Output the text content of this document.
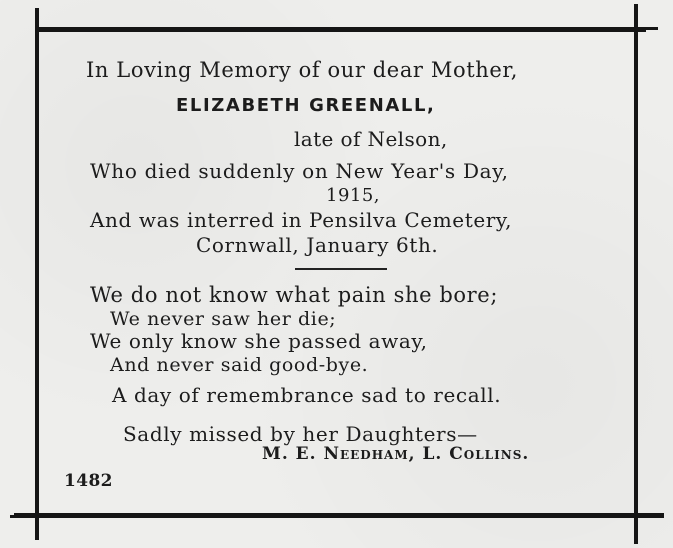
In Loving Memory of our dear Mother,
ELIZABETH GREENALL,
late of Nelson,
Who died suddenly on New Year's Day,
1915,
And was interred in Pensilva Cemetery,
Cornwall, January 6th.
We do not know what pain she bore;
We never saw her die;
We only know she passed away,
And never said good-bye.
A day of remembrance sad to recall.
Sadly missed by her Daughters—
M. E. Needham, L. Collins.
1482
